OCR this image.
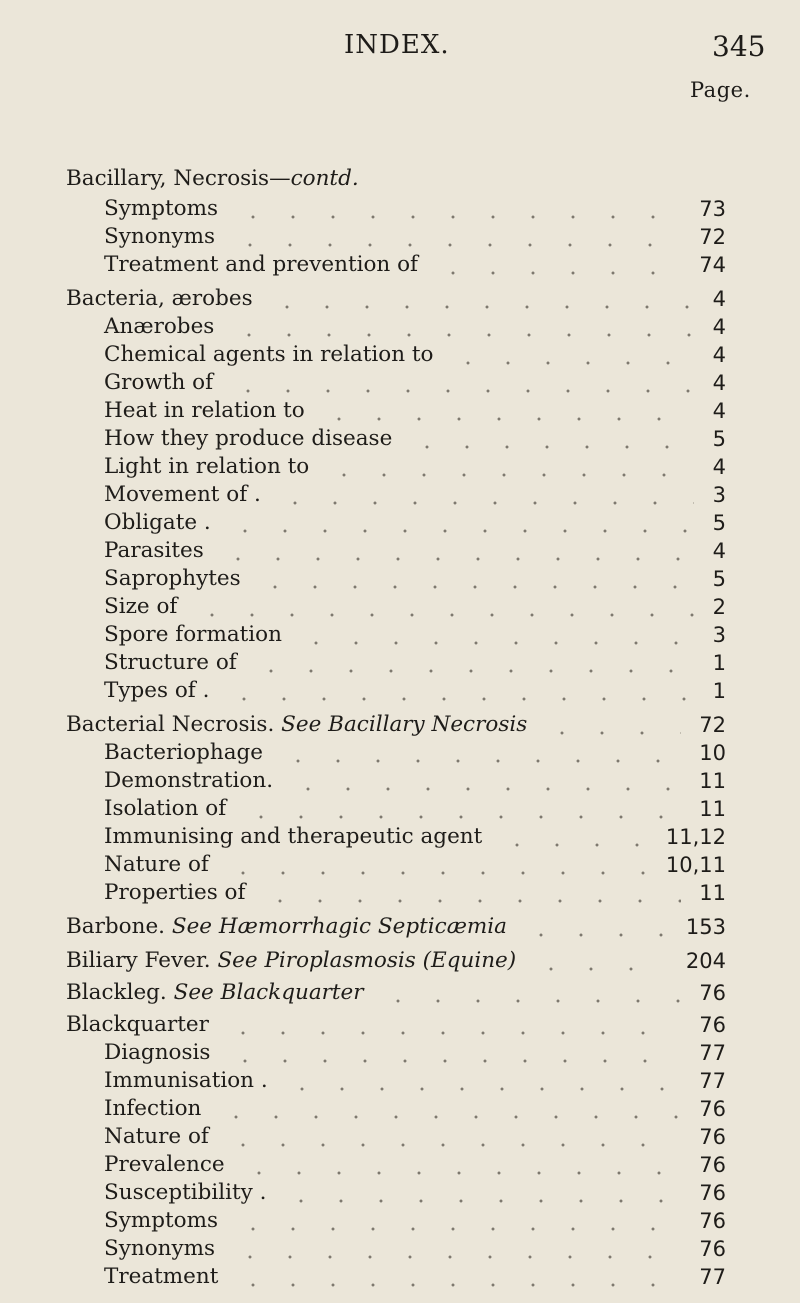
INDEX.	345
Page.
Bacillary, Necrosis—contd.
Symptoms	73
Synonyms	72
Treatment and prevention of	74
Bacteria, ærobes	4
Anærobes	4
Chemical agents in relation to	4
Growth of	4
Heat in relation to	4
How they produce disease	5
Light in relation to	4
Movement of .	3
Obligate .	5
Parasites	4
Saprophytes	5
Size of	2
Spore formation	3
Structure of	1
Types of .	1
Bacterial Necrosis. See Bacillary Necrosis	72
Bacteriophage	10
Demonstration.	11
Isolation of	11
Immunising and therapeutic agent	11,12
Nature of	10,11
Properties of	11
Barbone. See Hæmorrhagic Septicæmia	153
Biliary Fever. See Piroplasmosis (Equine)	204
Blackleg. See Blackquarter	76
Blackquarter	76
Diagnosis	77
Immunisation .	77
Infection	76
Nature of	76
Prevalence	76
Susceptibility .	76
Symptoms	76
Synonyms	76
Treatment	77
